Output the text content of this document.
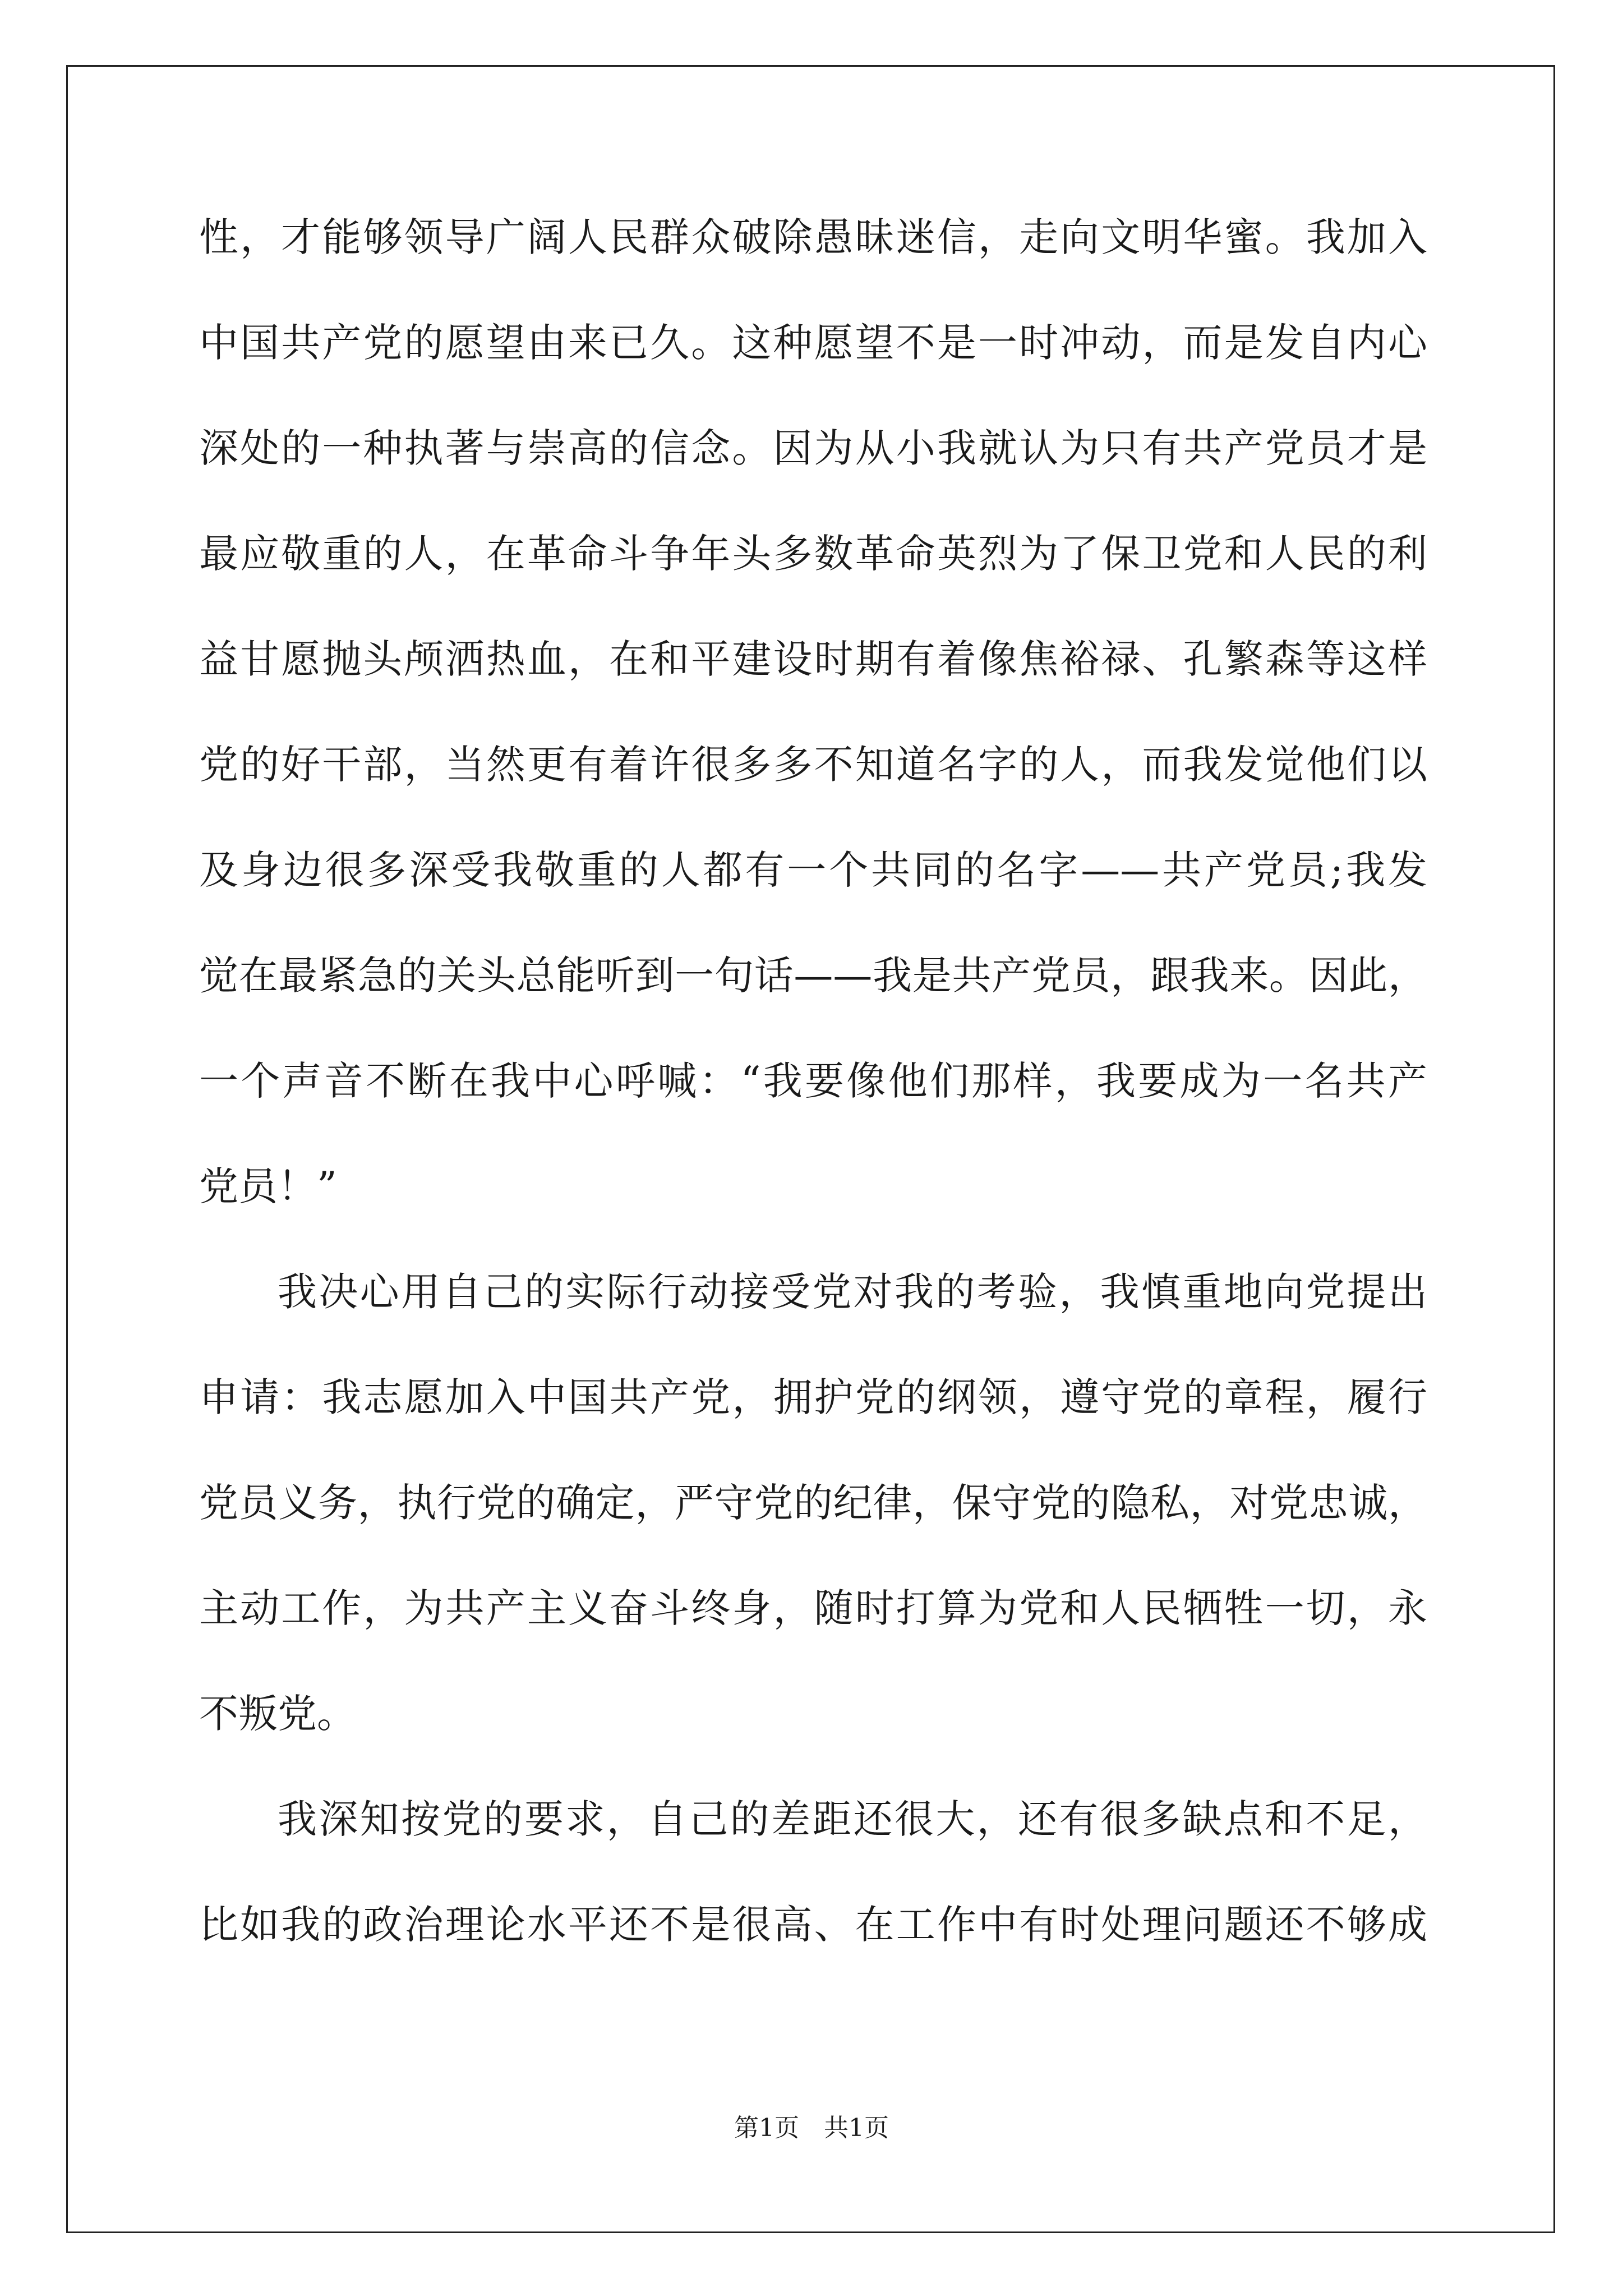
性，才能够领导广阔人民群众破除愚昧迷信，走向文明华蜜。我加入
中国共产党的愿望由来已久。这种愿望不是一时冲动，而是发自内心
深处的一种执著与崇高的信念。因为从小我就认为只有共产党员才是
最应敬重的人，在革命斗争年头多数革命英烈为了保卫党和人民的利
益甘愿抛头颅洒热血，在和平建设时期有着像焦裕禄、孔繁森等这样
党的好干部，当然更有着许很多多不知道名字的人，而我发觉他们以
及身边很多深受我敬重的人都有一个共同的名字——共产党员;我发
觉在最紧急的关头总能听到一句话——我是共产党员，跟我来。因此，
一个声音不断在我中心呼喊：“我要像他们那样，我要成为一名共产
党员！”
我决心用自己的实际行动接受党对我的考验，我慎重地向党提出
申请：我志愿加入中国共产党，拥护党的纲领，遵守党的章程，履行
党员义务，执行党的确定，严守党的纪律，保守党的隐私，对党忠诚，
主动工作，为共产主义奋斗终身，随时打算为党和人民牺牲一切，永
不叛党。
我深知按党的要求，自己的差距还很大，还有很多缺点和不足，
比如我的政治理论水平还不是很高、在工作中有时处理问题还不够成
第1页 共1页
